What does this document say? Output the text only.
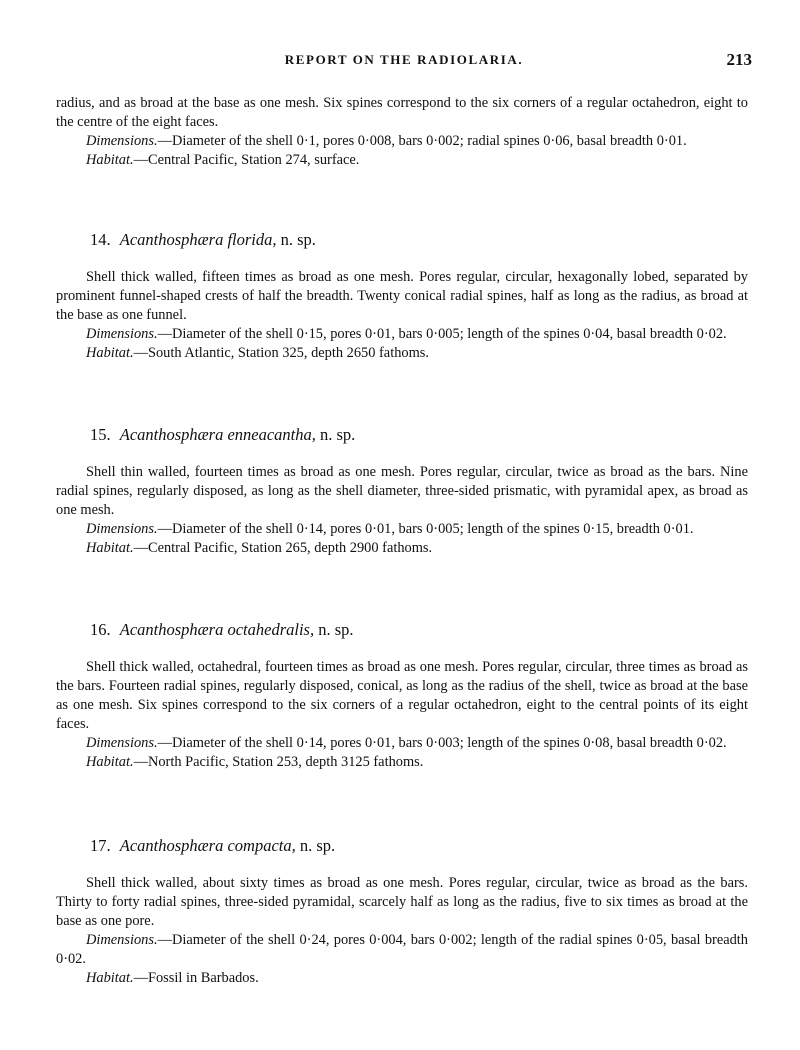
REPORT ON THE RADIOLARIA.	213

radius, and as broad at the base as one mesh. Six spines correspond to the six corners of a regular octahedron, eight to the centre of the eight faces.

Dimensions.—Diameter of the shell 0·1, pores 0·008, bars 0·002; radial spines 0·06, basal breadth 0·01.

Habitat.—Central Pacific, Station 274, surface.

14. Acanthosphæra florida, n. sp.

Shell thick walled, fifteen times as broad as one mesh. Pores regular, circular, hexagonally lobed, separated by prominent funnel-shaped crests of half the breadth. Twenty conical radial spines, half as long as the radius, as broad at the base as one funnel.

Dimensions.—Diameter of the shell 0·15, pores 0·01, bars 0·005; length of the spines 0·04, basal breadth 0·02.

Habitat.—South Atlantic, Station 325, depth 2650 fathoms.

15. Acanthosphæra enneacantha, n. sp.

Shell thin walled, fourteen times as broad as one mesh. Pores regular, circular, twice as broad as the bars. Nine radial spines, regularly disposed, as long as the shell diameter, three-sided prismatic, with pyramidal apex, as broad as one mesh.

Dimensions.—Diameter of the shell 0·14, pores 0·01, bars 0·005; length of the spines 0·15, breadth 0·01.

Habitat.—Central Pacific, Station 265, depth 2900 fathoms.

16. Acanthosphæra octahedralis, n. sp.

Shell thick walled, octahedral, fourteen times as broad as one mesh. Pores regular, circular, three times as broad as the bars. Fourteen radial spines, regularly disposed, conical, as long as the radius of the shell, twice as broad at the base as one mesh. Six spines correspond to the six corners of a regular octahedron, eight to the central points of its eight faces.

Dimensions.—Diameter of the shell 0·14, pores 0·01, bars 0·003; length of the spines 0·08, basal breadth 0·02.

Habitat.—North Pacific, Station 253, depth 3125 fathoms.

17. Acanthosphæra compacta, n. sp.

Shell thick walled, about sixty times as broad as one mesh. Pores regular, circular, twice as broad as the bars. Thirty to forty radial spines, three-sided pyramidal, scarcely half as long as the radius, five to six times as broad at the base as one pore.

Dimensions.—Diameter of the shell 0·24, pores 0·004, bars 0·002; length of the radial spines 0·05, basal breadth 0·02.

Habitat.—Fossil in Barbados.
